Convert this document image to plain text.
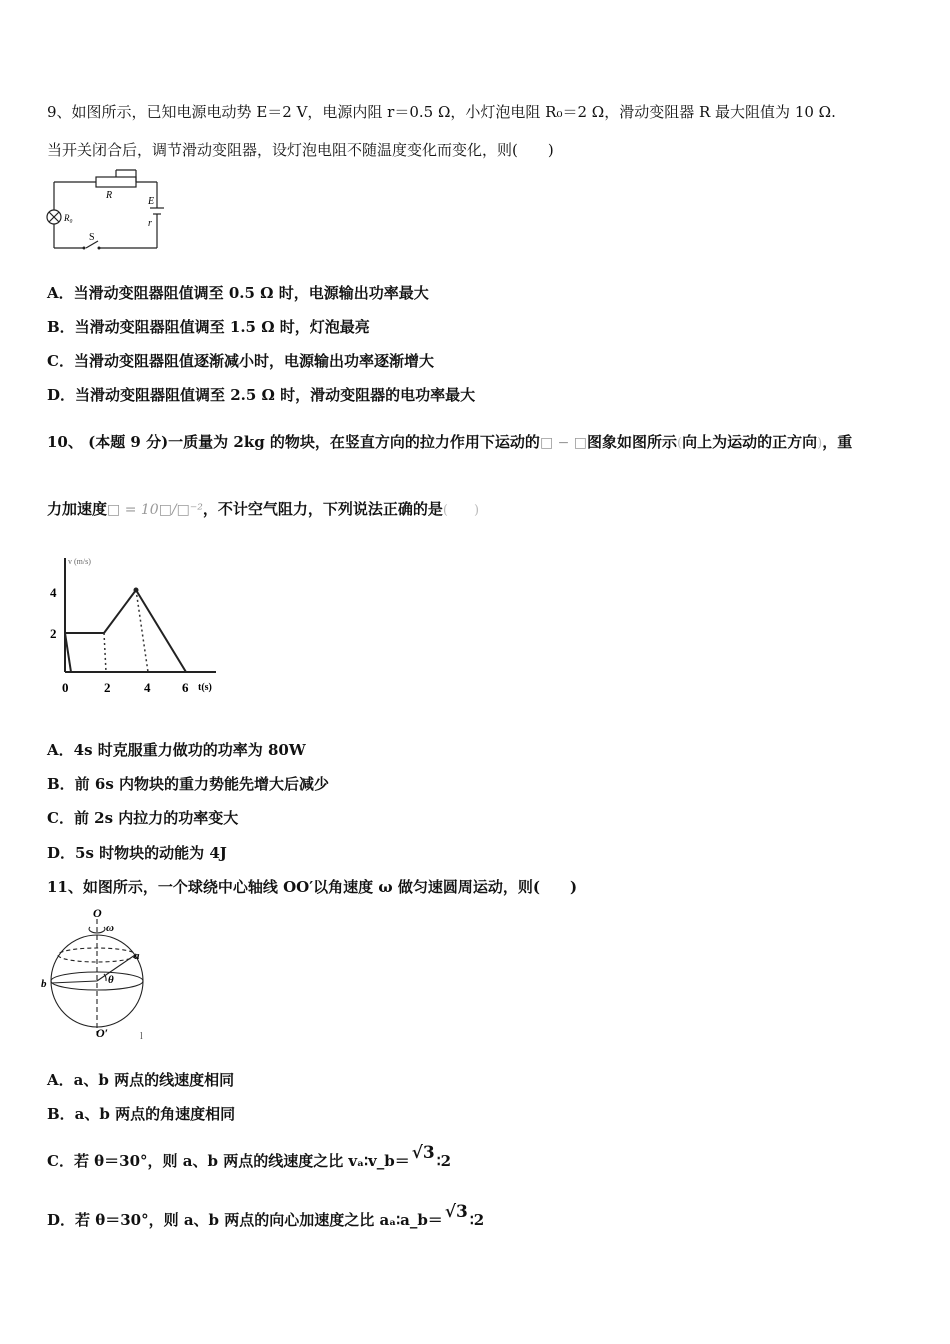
9、如图所示，已知电源电动势 E＝2 V，电源内阻 r＝0.5 Ω，小灯泡电阻 R₀＝2 Ω，滑动变阻器 R 最大阻值为 10 Ω.
当开关闭合后，调节滑动变阻器，设灯泡电阻不随温度变化而变化，则(　　)
R
E
r
R₀
S
A．当滑动变阻器阻值调至 0.5 Ω 时，电源输出功率最大
B．当滑动变阻器阻值调至 1.5 Ω 时，灯泡最亮
C．当滑动变阻器阻值逐渐减小时，电源输出功率逐渐增大
D．当滑动变阻器阻值调至 2.5 Ω 时，滑动变阻器的电功率最大
10、 (本题 9 分)一质量为 2kg 的物块，在竖直方向的拉力作用下运动的□ − □图象如图所示(向上为运动的正方向)，重
力加速度□ = 10□/□⁻²，不计空气阻力，下列说法正确的是(　　)
v (m/s)
4
2
0	2	4 6 t(s)
A．4s 时克服重力做功的功率为 80W
B．前 6s 内物块的重力势能先增大后减少
C．前 2s 内拉力的功率变大
D．5s 时物块的动能为 4J
11、如图所示，一个球绕中心轴线 OO′以角速度 ω 做匀速圆周运动，则(　　)
O
ω
a
θ
b
O′	l
A．a、b 两点的线速度相同
B．a、b 两点的角速度相同
C．若 θ＝30°，则 a、b 两点的线速度之比 vₐ∶v_b＝ √3 ∶2
D．若 θ＝30°，则 a、b 两点的向心加速度之比 aₐ∶a_b＝ √3 ∶2
